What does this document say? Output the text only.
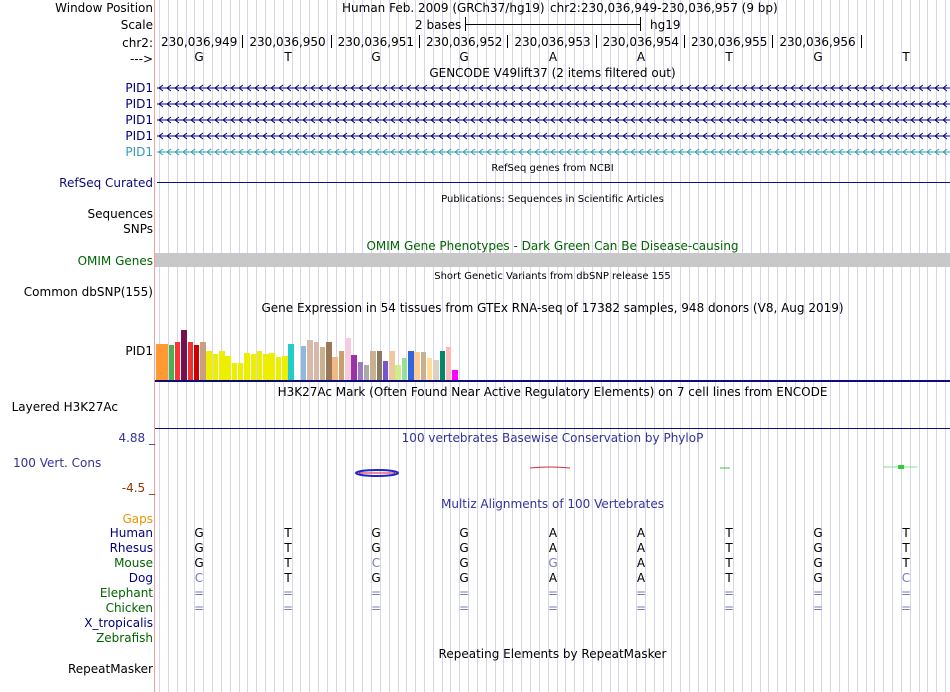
Window Position	Human Feb. 2009 (GRCh37/hg19) chr2:230,036,949-230,036,957 (9 bp)
Scale	2 bases	hg19
chr2: 230,036,949 230,036,950 230,036,951 230,036,952 230,036,953 230,036,954 230,036,955 230,036,956
--->	G	T	G	G	A	A	T	G	T
GENCODE V49lift37 (2 items filtered out)
PID1
PID1
PID1
PID1
PID1
RefSeq genes from NCBI
RefSeq Curated
Publications: Sequences in Scientific Articles
Sequences
SNPs
OMIM Gene Phenotypes - Dark Green Can Be Disease-causing
OMIM Genes
Short Genetic Variants from dbSNP release 155
Common dbSNP(155)
Gene Expression in 54 tissues from GTEx RNA-seq of 17382 samples, 948 donors (V8, Aug 2019)
PID1
H3K27Ac Mark (Often Found Near Active Regulatory Elements) on 7 cell lines from ENCODE
Layered H3K27Ac
100 vertebrates Basewise Conservation by PhyloP
4.88 _
100 Vert. Cons
-4.5 _
Multiz Alignments of 100 Vertebrates
Gaps
Human	G	T	G	G	A	A	T	G	T
Rhesus	G	T	G	G	A	A	T	G	T
Mouse	G	T	C	G	G	A	T	G	T
Dog	C	T	G	G	A	A	T	G	C
Elephant	=	=	=	=	=	=	=	=	=
Chicken	=	=	=	=	=	=	=	=	=
X_tropicalis
Zebrafish
Repeating Elements by RepeatMasker
RepeatMasker
